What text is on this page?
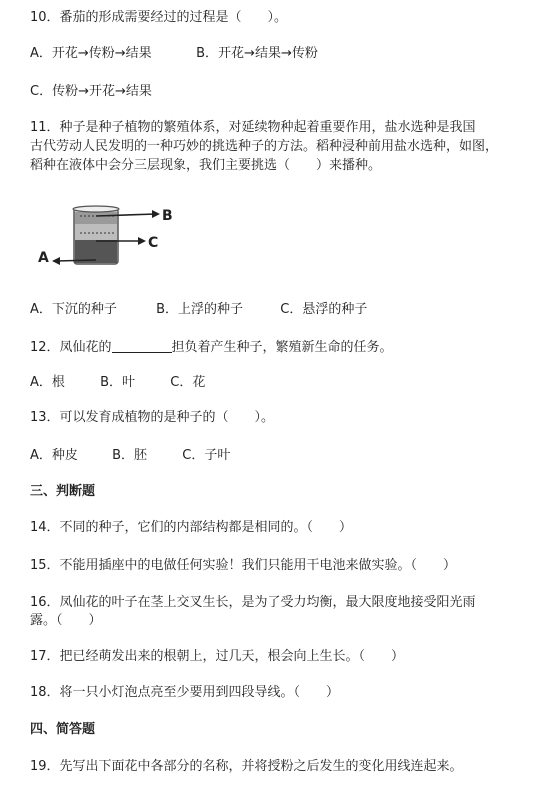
10．番茄的形成需要经过的过程是（　　）。
A．开花→传粉→结果	B．开花→结果→传粉
C．传粉→开花→结果
11．种子是种子植物的繁殖体系，对延续物种起着重要作用，盐水选种是我国
古代劳动人民发明的一种巧妙的挑选种子的方法。稻种浸种前用盐水选种，如图，
稻种在液体中会分三层现象，我们主要挑选（　　）来播种。
B
C
A
A．下沉的种子	B．上浮的种子	C．悬浮的种子
12．凤仙花的	担负着产生种子，繁殖新生命的任务。
A．根	B．叶	C．花
13．可以发育成植物的是种子的（　　）。
A．种皮	B．胚	C．子叶
三、判断题
14．不同的种子，它们的内部结构都是相同的。（　　）
15．不能用插座中的电做任何实验！我们只能用干电池来做实验。（　　）
16．凤仙花的叶子在茎上交叉生长，是为了受力均衡，最大限度地接受阳光雨
露。（　　）
17．把已经萌发出来的根朝上，过几天，根会向上生长。（　　）
18．将一只小灯泡点亮至少要用到四段导线。（　　）
四、简答题
19．先写出下面花中各部分的名称，并将授粉之后发生的变化用线连起来。
